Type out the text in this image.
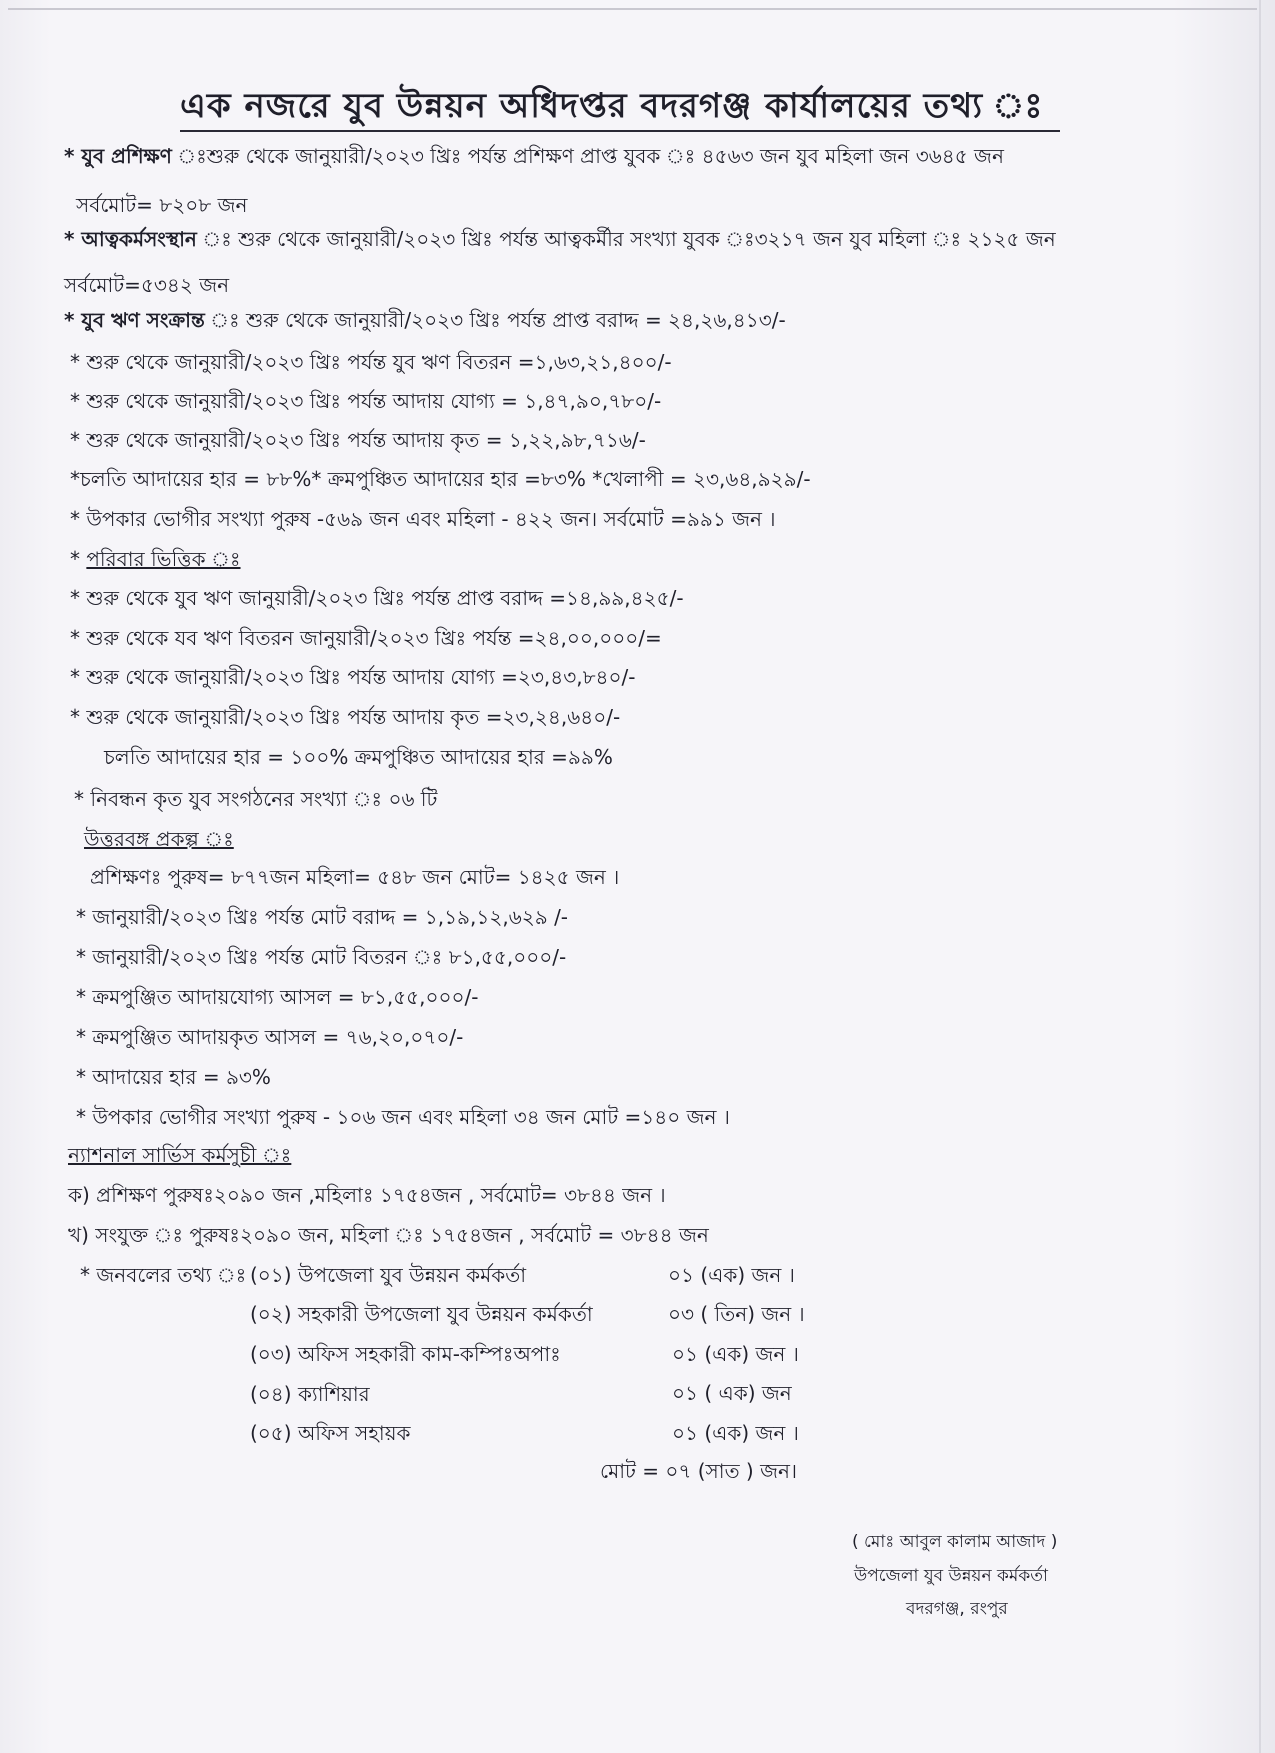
এক নজরে যুব উন্নয়ন অধিদপ্তর বদরগঞ্জ কার্যালয়ের তথ্য ঃ
* যুব প্রশিক্ষণ ঃশুরু থেকে জানুয়ারী/২০২৩ খ্রিঃ পর্যন্ত প্রশিক্ষণ প্রাপ্ত যুবক ঃ ৪৫৬৩ জন যুব মহিলা জন ৩৬৪৫ জন
সর্বমোট= ৮২০৮ জন
* আত্বকর্মসংস্থান ঃ শুরু থেকে জানুয়ারী/২০২৩ খ্রিঃ পর্যন্ত আত্বকর্মীর সংখ্যা যুবক ঃ৩২১৭ জন যুব মহিলা ঃ ২১২৫ জন
সর্বমোট=৫৩৪২ জন
* যুব ঋণ সংক্রান্ত ঃ শুরু থেকে জানুয়ারী/২০২৩ খ্রিঃ পর্যন্ত প্রাপ্ত বরাদ্দ = ২৪,২৬,৪১৩/-
* শুরু থেকে জানুয়ারী/২০২৩ খ্রিঃ পর্যন্ত যুব ঋণ বিতরন =১,৬৩,২১,৪০০/-
* শুরু থেকে জানুয়ারী/২০২৩ খ্রিঃ পর্যন্ত আদায় যোগ্য = ১,৪৭,৯০,৭৮০/-
* শুরু থেকে জানুয়ারী/২০২৩ খ্রিঃ পর্যন্ত আদায় কৃত = ১,২২,৯৮,৭১৬/-
*চলতি আদায়ের হার = ৮৮%* ক্রমপুঞ্চিত আদায়ের হার =৮৩% *খেলাপী = ২৩,৬৪,৯২৯/-
* উপকার ভোগীর সংখ্যা পুরুষ -৫৬৯ জন এবং মহিলা - ৪২২ জন। সর্বমোট =৯৯১ জন ।
* পরিবার ভিত্তিক ঃ
* শুরু থেকে যুব ঋণ জানুয়ারী/২০২৩ খ্রিঃ পর্যন্ত প্রাপ্ত বরাদ্দ =১৪,৯৯,৪২৫/-
* শুরু থেকে যব ঋণ বিতরন জানুয়ারী/২০২৩ খ্রিঃ পর্যন্ত =২৪,০০,০০০/=
* শুরু থেকে জানুয়ারী/২০২৩ খ্রিঃ পর্যন্ত আদায় যোগ্য =২৩,৪৩,৮৪০/-
* শুরু থেকে জানুয়ারী/২০২৩ খ্রিঃ পর্যন্ত আদায় কৃত =২৩,২৪,৬৪০/-
চলতি আদায়ের হার = ১০০% ক্রমপুঞ্চিত আদায়ের হার =৯৯%
* নিবন্ধন কৃত যুব সংগঠনের সংখ্যা ঃ ০৬ টি
উত্তরবঙ্গ প্রকল্প ঃ
প্রশিক্ষণঃ পুরুষ= ৮৭৭জন মহিলা= ৫৪৮ জন মোট= ১৪২৫ জন ।
* জানুয়ারী/২০২৩ খ্রিঃ পর্যন্ত মোট বরাদ্দ = ১,১৯,১২,৬২৯ /-
* জানুয়ারী/২০২৩ খ্রিঃ পর্যন্ত মোট বিতরন ঃ ৮১,৫৫,০০০/-
* ক্রমপুঞ্জিত আদায়যোগ্য আসল = ৮১,৫৫,০০০/-
* ক্রমপুঞ্জিত আদায়কৃত আসল = ৭৬,২০,০৭০/-
* আদায়ের হার = ৯৩%
* উপকার ভোগীর সংখ্যা পুরুষ - ১০৬ জন এবং মহিলা ৩৪ জন মোট =১৪০ জন ।
ন্যাশনাল সার্ভিস কর্মসুচী ঃ
ক) প্রশিক্ষণ পুরুষঃ২০৯০ জন ,মহিলাঃ ১৭৫৪জন , সর্বমোট= ৩৮৪৪ জন ।
খ) সংযুক্ত ঃ পুরুষঃ২০৯০ জন, মহিলা ঃ ১৭৫৪জন , সর্বমোট = ৩৮৪৪ জন
* জনবলের তথ্য ঃ (০১) উপজেলা যুব উন্নয়ন কর্মকর্তা	০১ (এক) জন ।
(০২) সহকারী উপজেলা যুব উন্নয়ন কর্মকর্তা	০৩ ( তিন) জন ।
(০৩) অফিস সহকারী কাম-কম্পিঃঅপাঃ	০১ (এক) জন ।
(০৪) ক্যাশিয়ার	০১ ( এক) জন
(০৫) অফিস সহায়ক	০১ (এক) জন ।
মোট = ০৭ (সাত ) জন।
( মোঃ আবুল কালাম আজাদ )
উপজেলা যুব উন্নয়ন কর্মকর্তা
বদরগঞ্জ, রংপুর
